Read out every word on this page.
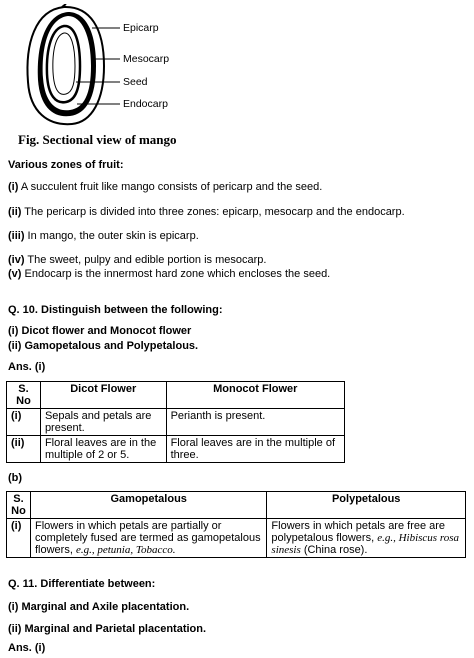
Epicarp
Mesocarp
Seed
Endocarp
Fig. Sectional view of mango
Various zones of fruit:
(i) A succulent fruit like mango consists of pericarp and the seed.
(ii) The pericarp is divided into three zones: epicarp, mesocarp and the endocarp.
(iii) In mango, the outer skin is epicarp.
(iv) The sweet, pulpy and edible portion is mesocarp.
(v) Endocarp is the innermost hard zone which encloses the seed.
Q. 10. Distinguish between the following:
(i) Dicot flower and Monocot flower
(ii) Gamopetalous and Polypetalous.
Ans. (i)
S. No	Dicot Flower	Monocot Flower
(i)	Sepals and petals are present.	Perianth is present.
(ii)	Floral leaves are in the multiple of 2 or 5.	Floral leaves are in the multiple of three.
(b)
S. No	Gamopetalous	Polypetalous
(i)	Flowers in which petals are partially or completely fused are termed as gamopetalous flowers, e.g., petunia, Tobacco.	Flowers in which petals are free are polypetalous flowers, e.g., Hibiscus rosa sinesis (China rose).
Q. 11. Differentiate between:
(i) Marginal and Axile placentation.
(ii) Marginal and Parietal placentation.
Ans. (i)
